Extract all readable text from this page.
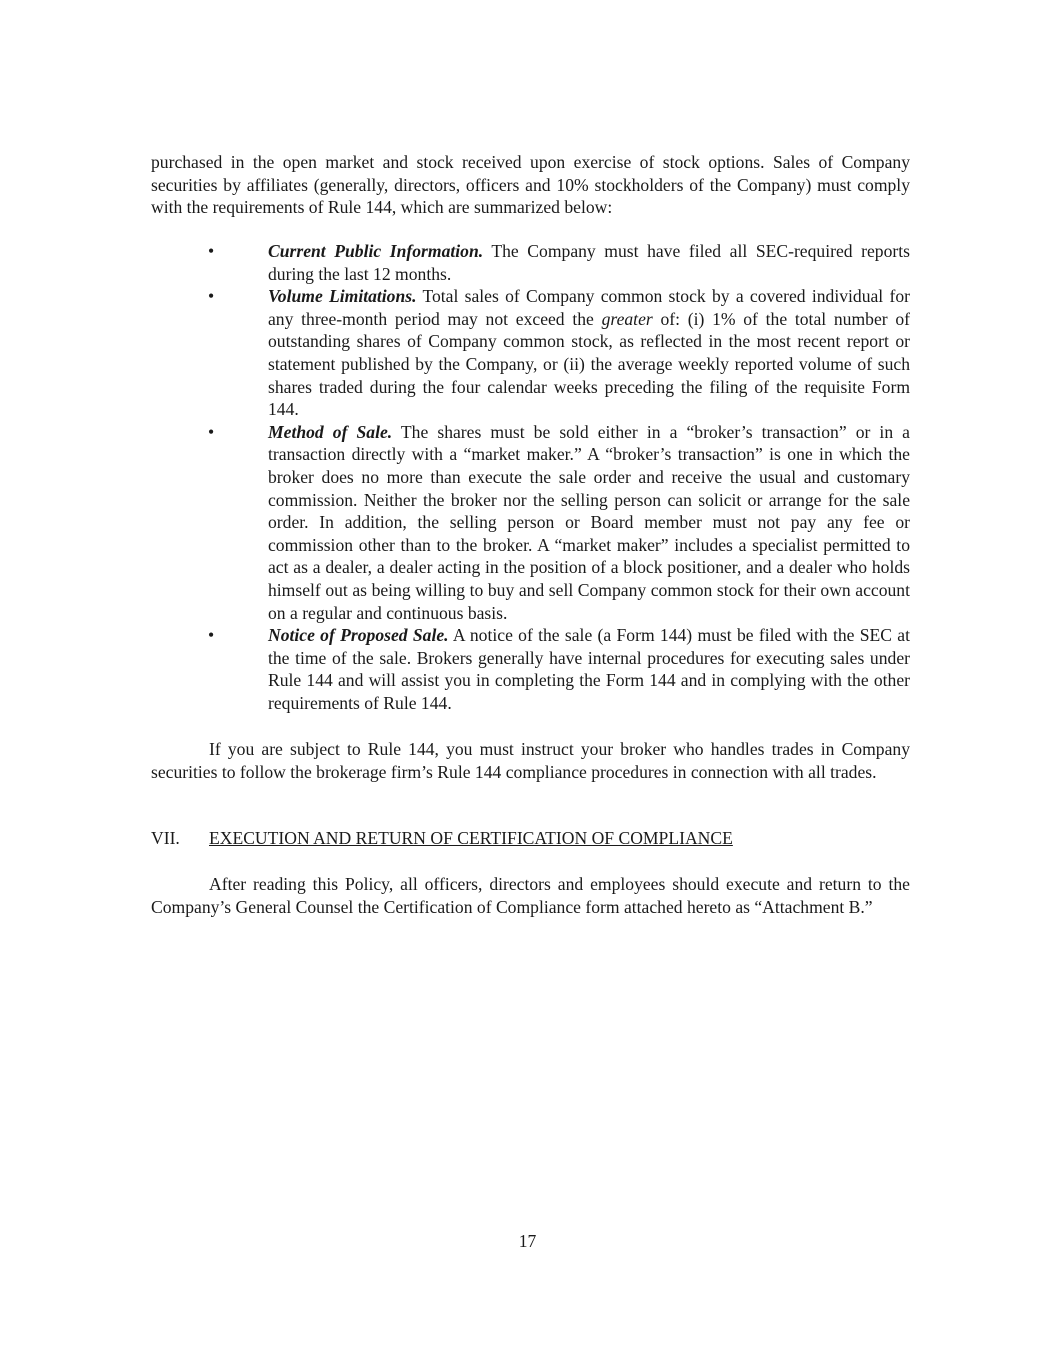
purchased in the open market and stock received upon exercise of stock options. Sales of Company securities by affiliates (generally, directors, officers and 10% stockholders of the Company) must comply with the requirements of Rule 144, which are summarized below:

•	Current Public Information. The Company must have filed all SEC-required reports during the last 12 months.
•	Volume Limitations. Total sales of Company common stock by a covered individual for any three-month period may not exceed the greater of: (i) 1% of the total number of outstanding shares of Company common stock, as reflected in the most recent report or statement published by the Company, or (ii) the average weekly reported volume of such shares traded during the four calendar weeks preceding the filing of the requisite Form 144.
•	Method of Sale. The shares must be sold either in a “broker’s transaction” or in a transaction directly with a “market maker.” A “broker’s transaction” is one in which the broker does no more than execute the sale order and receive the usual and customary commission. Neither the broker nor the selling person can solicit or arrange for the sale order. In addition, the selling person or Board member must not pay any fee or commission other than to the broker. A “market maker” includes a specialist permitted to act as a dealer, a dealer acting in the position of a block positioner, and a dealer who holds himself out as being willing to buy and sell Company common stock for their own account on a regular and continuous basis.
•	Notice of Proposed Sale. A notice of the sale (a Form 144) must be filed with the SEC at the time of the sale. Brokers generally have internal procedures for executing sales under Rule 144 and will assist you in completing the Form 144 and in complying with the other requirements of Rule 144.

If you are subject to Rule 144, you must instruct your broker who handles trades in Company securities to follow the brokerage firm’s Rule 144 compliance procedures in connection with all trades.

VII. EXECUTION AND RETURN OF CERTIFICATION OF COMPLIANCE

After reading this Policy, all officers, directors and employees should execute and return to the Company’s General Counsel the Certification of Compliance form attached hereto as “Attachment B.”

17
